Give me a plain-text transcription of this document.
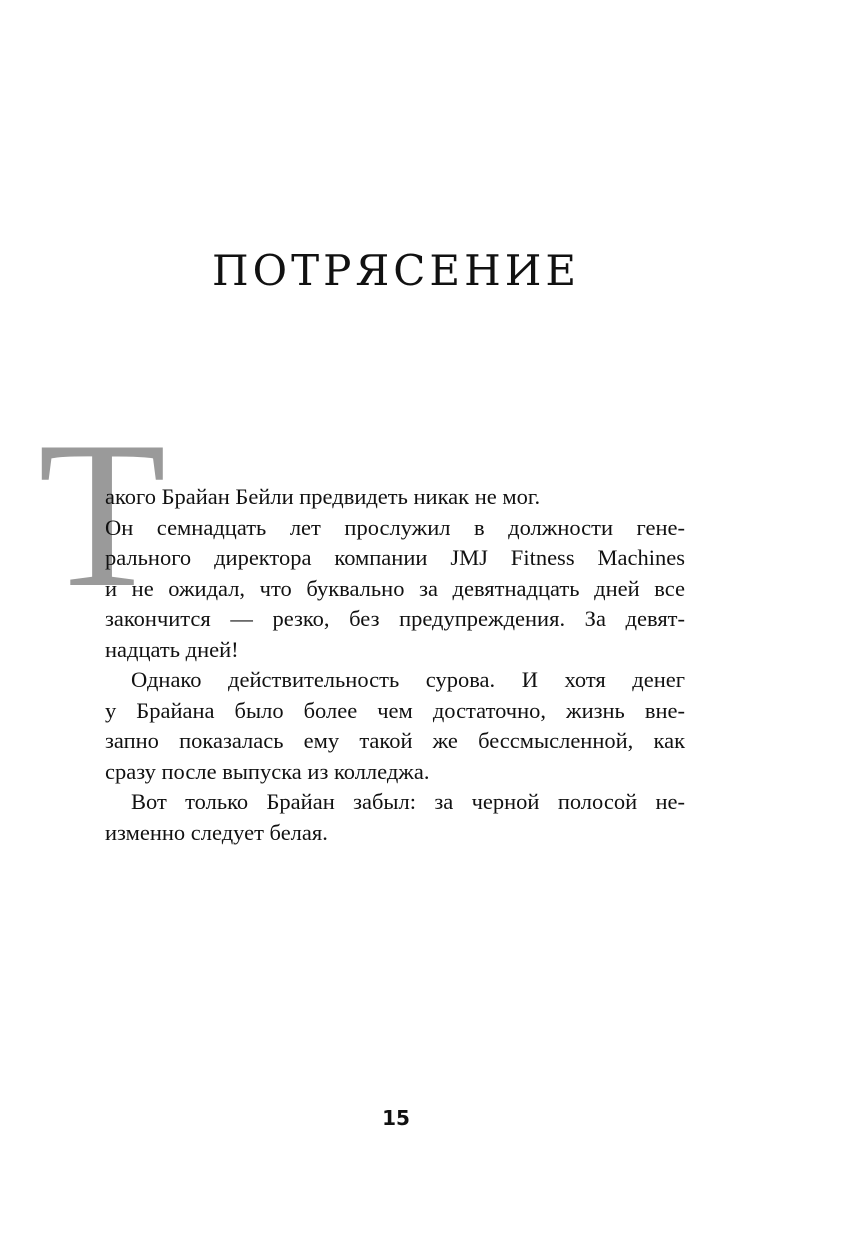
ПОТРЯСЕНИЕ
Т
акого Брайан Бейли предвидеть никак не мог.
Он семнадцать лет прослужил в должности гене-
рального директора компании JMJ Fitness Machines
и не ожидал, что буквально за девятнадцать дней все
закончится — резко, без предупреждения. За девят-
надцать дней!
Однако действительность сурова. И хотя денег
у Брайана было более чем достаточно, жизнь вне-
запно показалась ему такой же бессмысленной, как
сразу после выпуска из колледжа.
Вот только Брайан забыл: за черной полосой не-
изменно следует белая.
15
